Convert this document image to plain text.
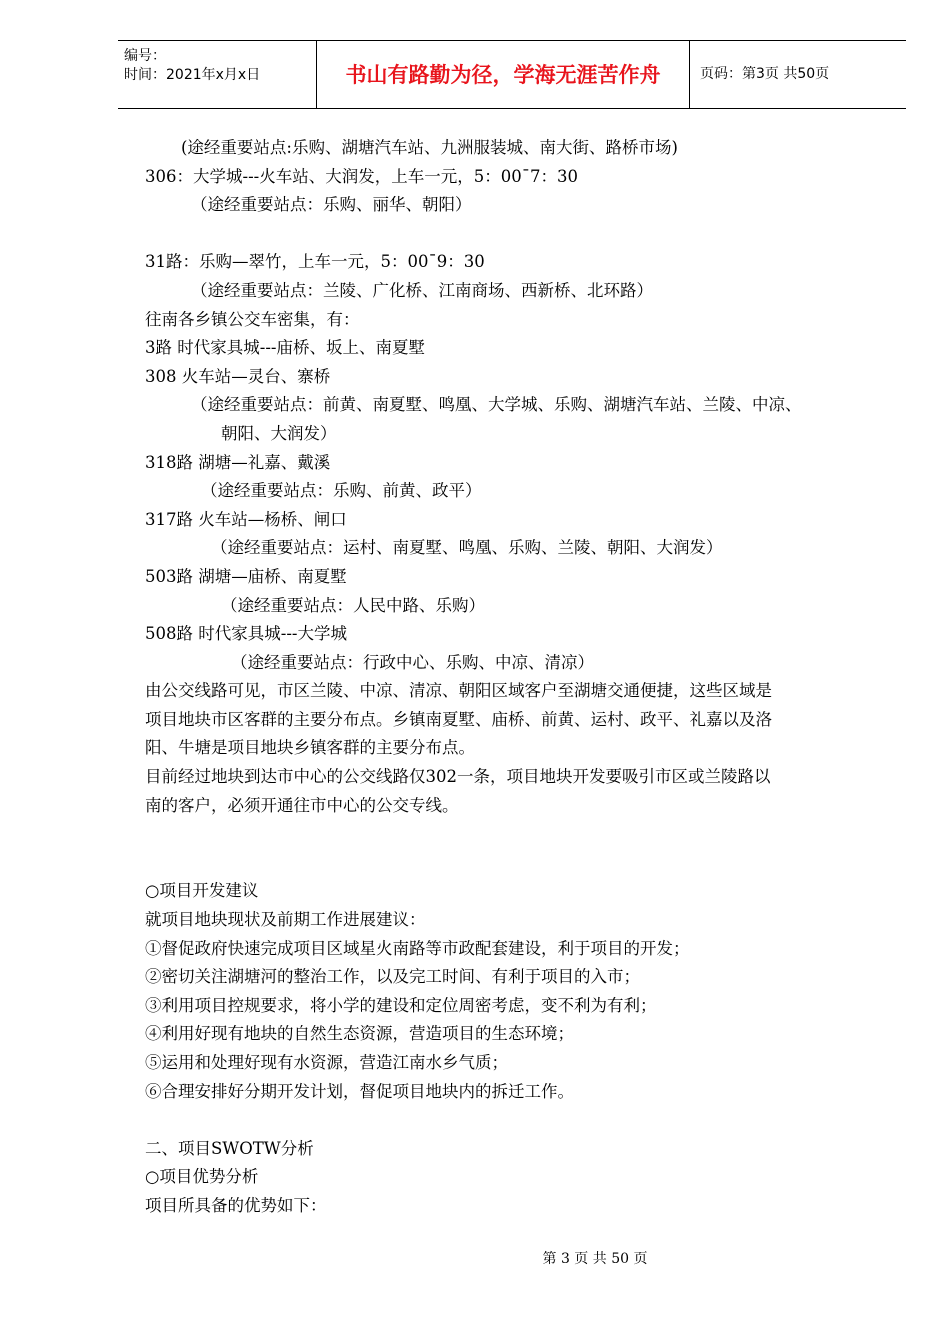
编号：
时间：2021年x月x日	书山有路勤为径，学海无涯苦作舟	页码：第3页 共50页
(途经重要站点:乐购、湖塘汽车站、九洲服装城、南大街、路桥市场)
306：大学城---火车站、大润发，上车一元，5：00¯7：30
（途经重要站点：乐购、丽华、朝阳）
31路：乐购—翠竹，上车一元，5：00¯9：30
（途经重要站点：兰陵、广化桥、江南商场、西新桥、北环路）
往南各乡镇公交车密集，有：
3路 时代家具城---庙桥、坂上、南夏墅
308 火车站—灵台、寨桥
（途经重要站点：前黄、南夏墅、鸣凰、大学城、乐购、湖塘汽车站、兰陵、中凉、
朝阳、大润发）
318路 湖塘—礼嘉、戴溪
（途经重要站点：乐购、前黄、政平）
317路 火车站—杨桥、闸口
（途经重要站点：运村、南夏墅、鸣凰、乐购、兰陵、朝阳、大润发）
503路 湖塘—庙桥、南夏墅
（途经重要站点：人民中路、乐购）
508路 时代家具城---大学城
（途经重要站点：行政中心、乐购、中凉、清凉）
由公交线路可见，市区兰陵、中凉、清凉、朝阳区域客户至湖塘交通便捷，这些区域是
项目地块市区客群的主要分布点。乡镇南夏墅、庙桥、前黄、运村、政平、礼嘉以及洛
阳、牛塘是项目地块乡镇客群的主要分布点。
目前经过地块到达市中心的公交线路仅302一条，项目地块开发要吸引市区或兰陵路以
南的客户，必须开通往市中心的公交专线。
○项目开发建议
就项目地块现状及前期工作进展建议：
①督促政府快速完成项目区域星火南路等市政配套建设，利于项目的开发；
②密切关注湖塘河的整治工作，以及完工时间、有利于项目的入市；
③利用项目控规要求，将小学的建设和定位周密考虑，变不利为有利；
④利用好现有地块的自然生态资源，营造项目的生态环境；
⑤运用和处理好现有水资源，营造江南水乡气质；
⑥合理安排好分期开发计划，督促项目地块内的拆迁工作。
二、项目SWOTW分析
○项目优势分析
项目所具备的优势如下：
第 3 页 共 50 页
